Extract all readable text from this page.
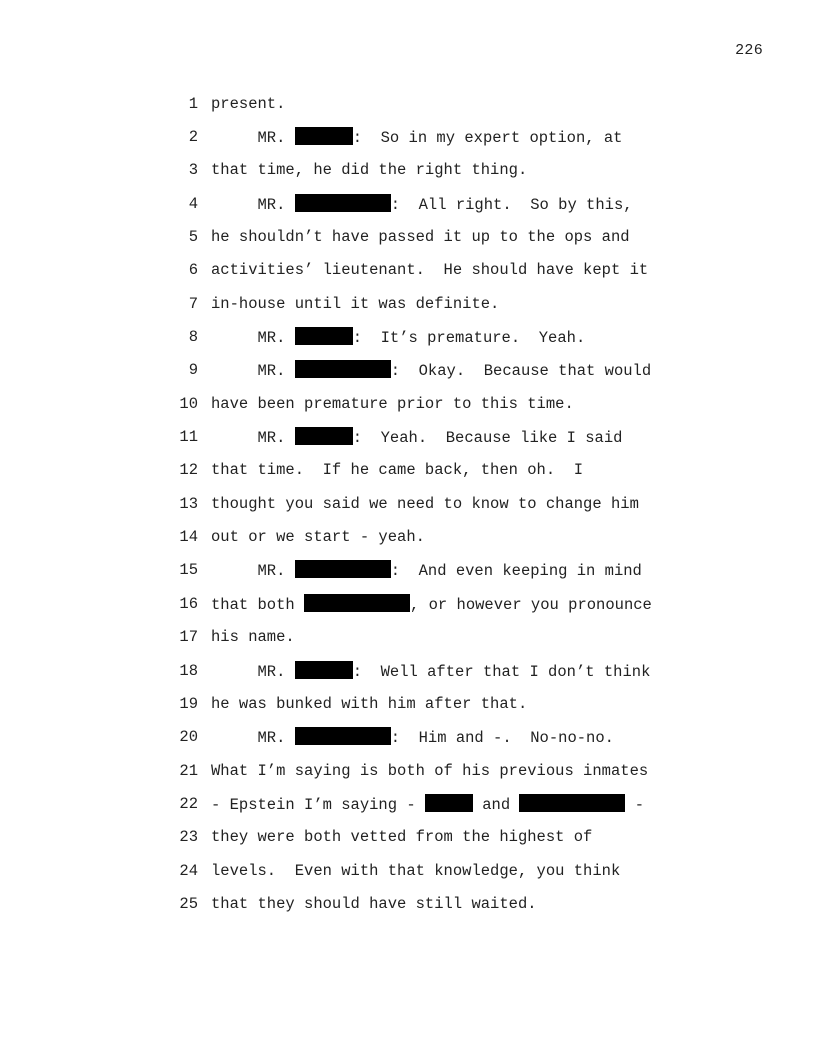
226
1 present.
2 MR.	:  So in my expert option, at
3 that time, he did the right thing.
4 MR.	:  All right.  So by this,
5 he shouldn’t have passed it up to the ops and
6 activities’ lieutenant.  He should have kept it
7 in-house until it was definite.
8 MR.	:  It’s premature.  Yeah.
9 MR.	:  Okay.  Because that would
10 have been premature prior to this time.
11 MR.	:  Yeah.  Because like I said
12 that time.  If he came back, then oh.  I
13 thought you said we need to know to change him
14 out or we start - yeah.
15 MR.	:  And even keeping in mind
16 that both	, or however you pronounce
17 his name.
18 MR.	:  Well after that I don’t think
19 he was bunked with him after that.
20 MR.	:  Him and -.  No-no-no.
21 What I’m saying is both of his previous inmates
22 - Epstein I’m saying -	and	-
23 they were both vetted from the highest of
24 levels.  Even with that knowledge, you think
25 that they should have still waited.
